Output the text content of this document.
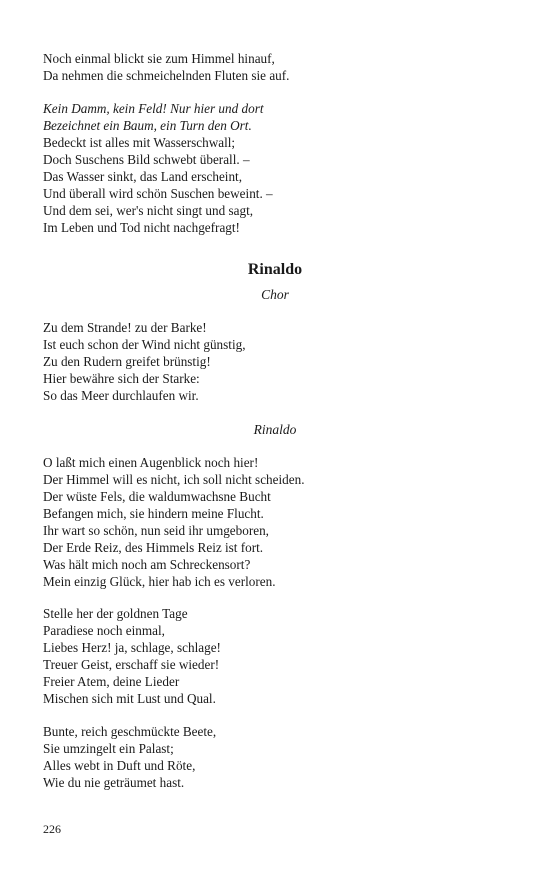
Noch einmal blickt sie zum Himmel hinauf,
Da nehmen die schmeichelnden Fluten sie auf.
Kein Damm, kein Feld! Nur hier und dort
Bezeichnet ein Baum, ein Turn den Ort.
Bedeckt ist alles mit Wasserschwall;
Doch Suschens Bild schwebt überall. –
Das Wasser sinkt, das Land erscheint,
Und überall wird schön Suschen beweint. –
Und dem sei, wer's nicht singt und sagt,
Im Leben und Tod nicht nachgefragt!
Rinaldo
Chor
Zu dem Strande! zu der Barke!
Ist euch schon der Wind nicht günstig,
Zu den Rudern greifet brünstig!
Hier bewähre sich der Starke:
So das Meer durchlaufen wir.
Rinaldo
O laßt mich einen Augenblick noch hier!
Der Himmel will es nicht, ich soll nicht scheiden.
Der wüste Fels, die waldumwachsne Bucht
Befangen mich, sie hindern meine Flucht.
Ihr wart so schön, nun seid ihr umgeboren,
Der Erde Reiz, des Himmels Reiz ist fort.
Was hält mich noch am Schreckensort?
Mein einzig Glück, hier hab ich es verloren.
Stelle her der goldnen Tage
Paradiese noch einmal,
Liebes Herz! ja, schlage, schlage!
Treuer Geist, erschaff sie wieder!
Freier Atem, deine Lieder
Mischen sich mit Lust und Qual.
Bunte, reich geschmückte Beete,
Sie umzingelt ein Palast;
Alles webt in Duft und Röte,
Wie du nie geträumet hast.
226
